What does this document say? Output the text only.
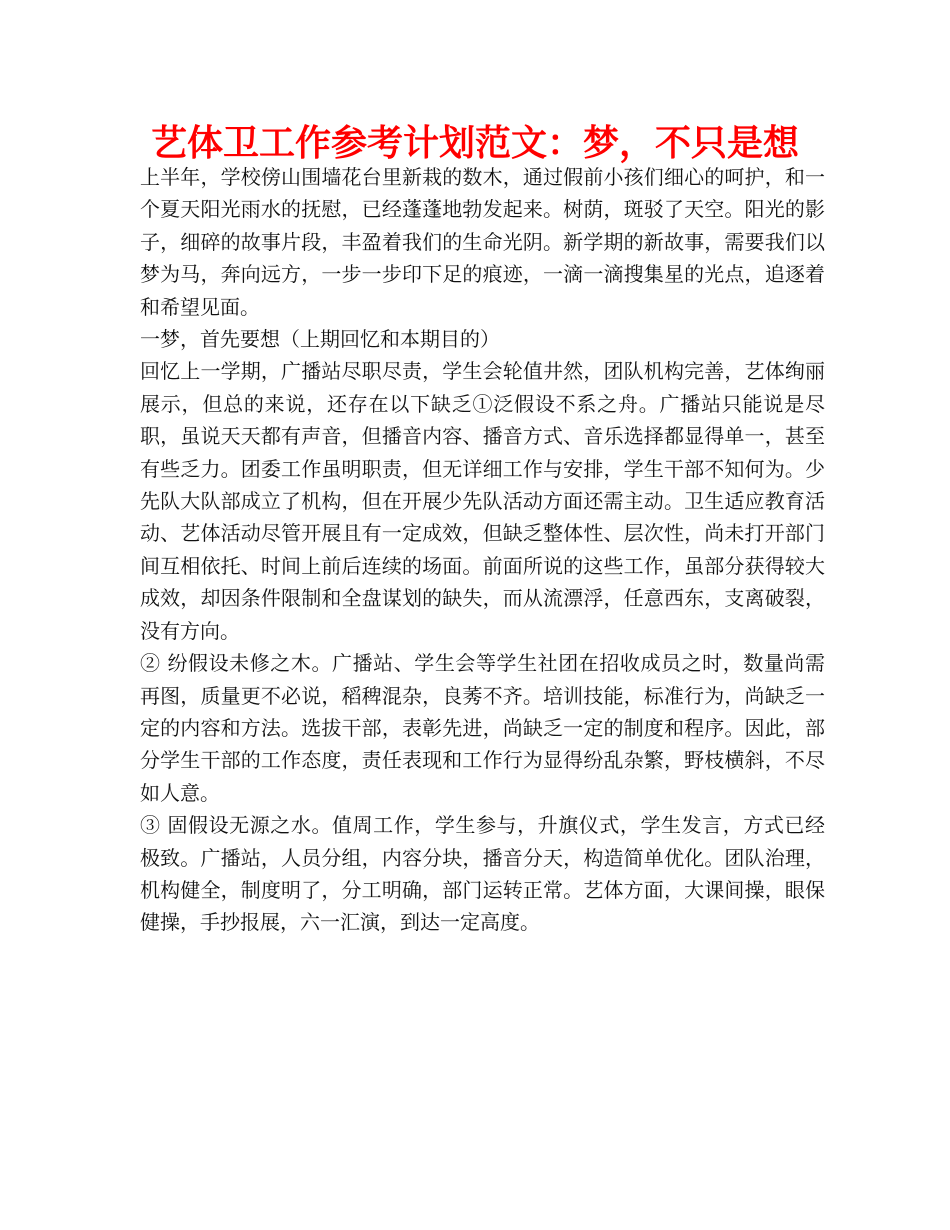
艺体卫工作参考计划范文：梦，不只是想

上半年，学校傍山围墙花台里新栽的数木，通过假前小孩们细心的呵护，和一个夏天阳光雨水的抚慰，已经蓬蓬地勃发起来。树荫，斑驳了天空。阳光的影子，细碎的故事片段，丰盈着我们的生命光阴。新学期的新故事，需要我们以梦为马，奔向远方，一步一步印下足的痕迹，一滴一滴搜集星的光点，追逐着和希望见面。

一梦，首先要想（上期回忆和本期目的）

回忆上一学期，广播站尽职尽责，学生会轮值井然，团队机构完善，艺体绚丽展示，但总的来说，还存在以下缺乏①泛假设不系之舟。广播站只能说是尽职，虽说天天都有声音，但播音内容、播音方式、音乐选择都显得单一，甚至有些乏力。团委工作虽明职责，但无详细工作与安排，学生干部不知何为。少先队大队部成立了机构，但在开展少先队活动方面还需主动。卫生适应教育活动、艺体活动尽管开展且有一定成效，但缺乏整体性、层次性，尚未打开部门间互相依托、时间上前后连续的场面。前面所说的这些工作，虽部分获得较大成效，却因条件限制和全盘谋划的缺失，而从流漂浮，任意西东，支离破裂，没有方向。

② 纷假设未修之木。广播站、学生会等学生社团在招收成员之时，数量尚需再图，质量更不必说，稻稗混杂，良莠不齐。培训技能，标准行为，尚缺乏一定的内容和方法。选拔干部，表彰先进，尚缺乏一定的制度和程序。因此，部分学生干部的工作态度，责任表现和工作行为显得纷乱杂繁，野枝横斜，不尽如人意。

③ 固假设无源之水。值周工作，学生参与，升旗仪式，学生发言，方式已经极致。广播站，人员分组，内容分块，播音分天，构造简单优化。团队治理，机构健全，制度明了，分工明确，部门运转正常。艺体方面，大课间操，眼保健操，手抄报展，六一汇演，到达一定高度。
